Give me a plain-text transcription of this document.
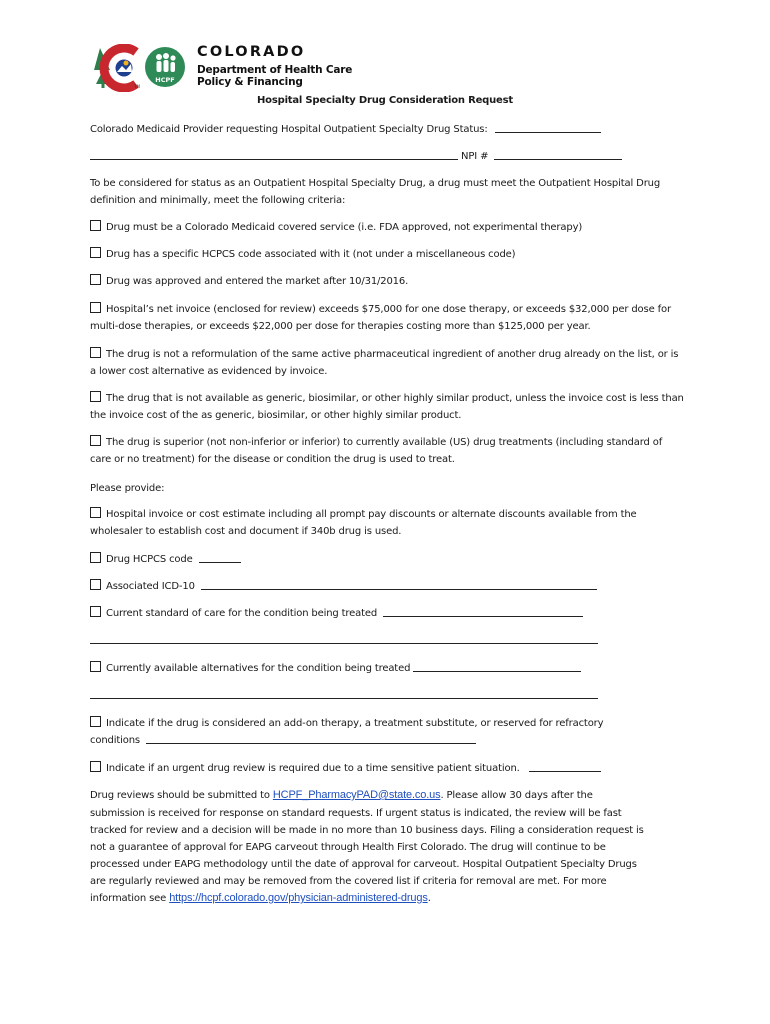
HCPF
TM
COLORADO
Department of Health Care
Policy & Financing
Hospital Specialty Drug Consideration Request
Colorado Medicaid Provider requesting Hospital Outpatient Specialty Drug Status:
NPI #
To be considered for status as an Outpatient Hospital Specialty Drug, a drug must meet the Outpatient Hospital Drug definition and minimally, meet the following criteria:
Drug must be a Colorado Medicaid covered service (i.e. FDA approved, not experimental therapy)
Drug has a specific HCPCS code associated with it (not under a miscellaneous code)
Drug was approved and entered the market after 10/31/2016.
Hospital’s net invoice (enclosed for review) exceeds $75,000 for one dose therapy, or exceeds $32,000 per dose for multi-dose therapies, or exceeds $22,000 per dose for therapies costing more than $125,000 per year.
The drug is not a reformulation of the same active pharmaceutical ingredient of another drug already on the list, or is a lower cost alternative as evidenced by invoice.
The drug that is not available as generic, biosimilar, or other highly similar product, unless the invoice cost is less than the invoice cost of the as generic, biosimilar, or other highly similar product.
The drug is superior (not non-inferior or inferior) to currently available (US) drug treatments (including standard of care or no treatment) for the disease or condition the drug is used to treat.
Please provide:
Hospital invoice or cost estimate including all prompt pay discounts or alternate discounts available from the wholesaler to establish cost and document if 340b drug is used.
Drug HCPCS code
Associated ICD-10
Current standard of care for the condition being treated
Currently available alternatives for the condition being treated
Indicate if the drug is considered an add-on therapy, a treatment substitute, or reserved for refractory
conditions
Indicate if an urgent drug review is required due to a time sensitive patient situation.
Drug reviews should be submitted to HCPF_PharmacyPAD@state.co.us. Please allow 30 days after the
submission is received for response on standard requests. If urgent status is indicated, the review will be fast
tracked for review and a decision will be made in no more than 10 business days. Filing a consideration request is
not a guarantee of approval for EAPG carveout through Health First Colorado. The drug will continue to be
processed under EAPG methodology until the date of approval for carveout. Hospital Outpatient Specialty Drugs
are regularly reviewed and may be removed from the covered list if criteria for removal are met. For more
information see https://hcpf.colorado.gov/physician-administered-drugs.
